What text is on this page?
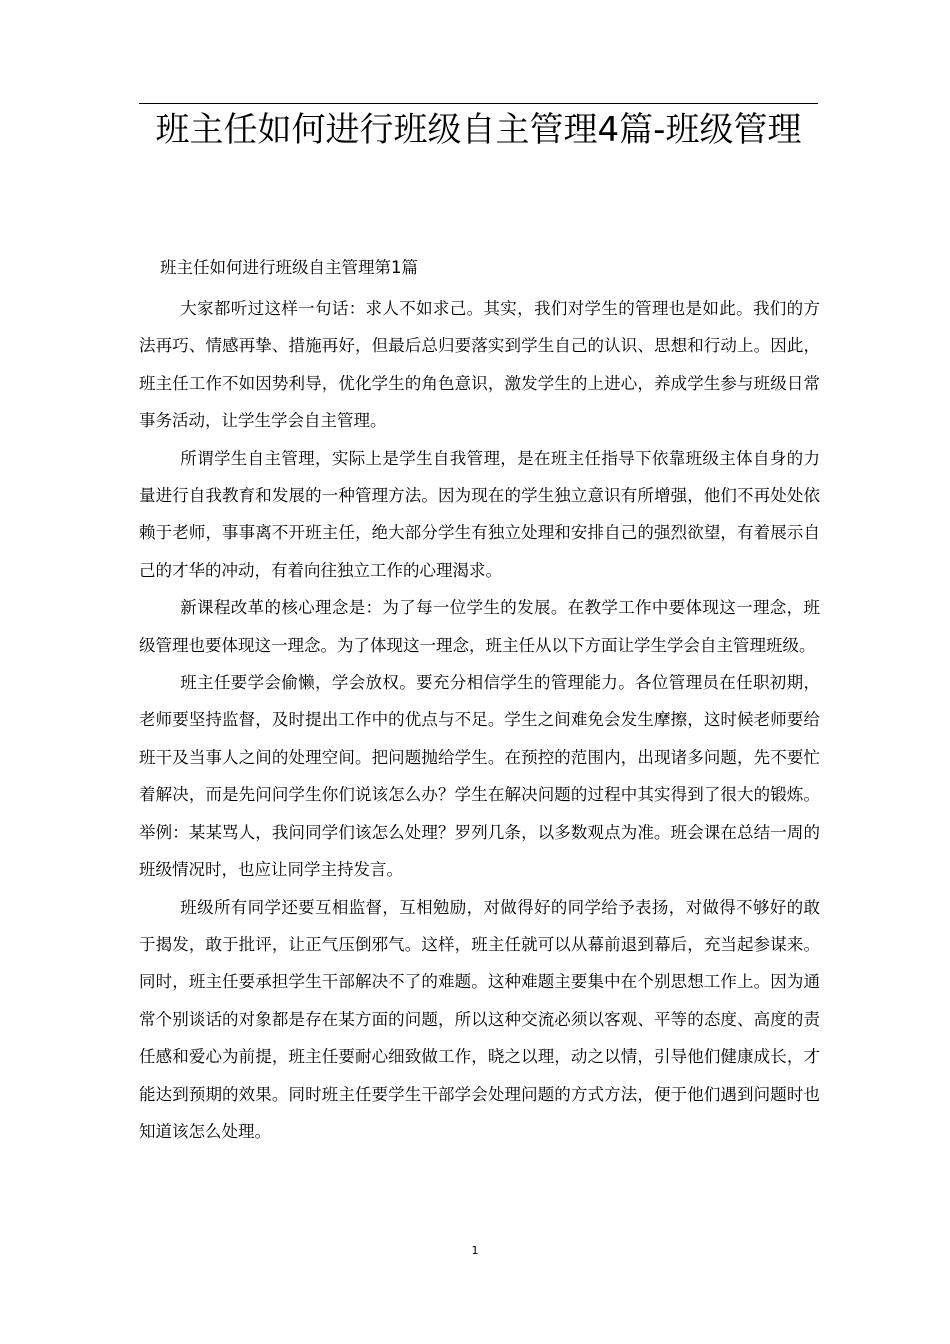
班主任如何进行班级自主管理4篇-班级管理

班主任如何进行班级自主管理第1篇

大家都听过这样一句话：求人不如求己。其实，我们对学生的管理也是如此。我们的方法再巧、情感再挚、措施再好，但最后总归要落实到学生自己的认识、思想和行动上。因此，班主任工作不如因势利导，优化学生的角色意识，激发学生的上进心，养成学生参与班级日常事务活动，让学生学会自主管理。

所谓学生自主管理，实际上是学生自我管理，是在班主任指导下依靠班级主体自身的力量进行自我教育和发展的一种管理方法。因为现在的学生独立意识有所增强，他们不再处处依赖于老师，事事离不开班主任，绝大部分学生有独立处理和安排自己的强烈欲望，有着展示自己的才华的冲动，有着向往独立工作的心理渴求。

新课程改革的核心理念是：为了每一位学生的发展。在教学工作中要体现这一理念，班级管理也要体现这一理念。为了体现这一理念，班主任从以下方面让学生学会自主管理班级。

班主任要学会偷懒，学会放权。要充分相信学生的管理能力。各位管理员在任职初期，老师要坚持监督，及时提出工作中的优点与不足。学生之间难免会发生摩擦，这时候老师要给班干及当事人之间的处理空间。把问题抛给学生。在预控的范围内，出现诸多问题，先不要忙着解决，而是先问问学生你们说该怎么办？学生在解决问题的过程中其实得到了很大的锻炼。举例：某某骂人，我问同学们该怎么处理？罗列几条，以多数观点为准。班会课在总结一周的班级情况时，也应让同学主持发言。

班级所有同学还要互相监督，互相勉励，对做得好的同学给予表扬，对做得不够好的敢于揭发，敢于批评，让正气压倒邪气。这样，班主任就可以从幕前退到幕后，充当起参谋来。同时，班主任要承担学生干部解决不了的难题。这种难题主要集中在个别思想工作上。因为通常个别谈话的对象都是存在某方面的问题，所以这种交流必须以客观、平等的态度、高度的责任感和爱心为前提，班主任要耐心细致做工作，晓之以理，动之以情，引导他们健康成长，才能达到预期的效果。同时班主任要学生干部学会处理问题的方式方法，便于他们遇到问题时也知道该怎么处理。

1
